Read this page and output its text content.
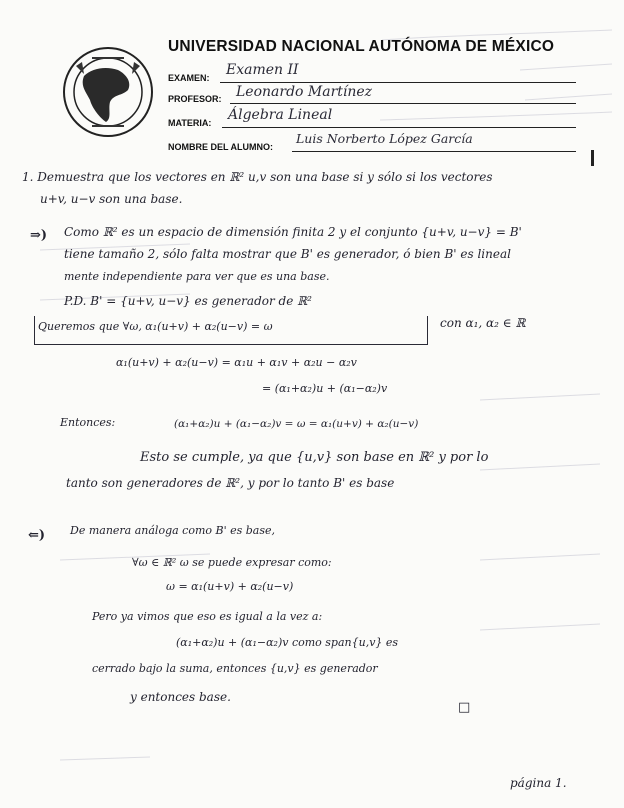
UNIVERSIDAD NACIONAL AUTÓNOMA DE MÉXICO
EXAMEN: Examen II
PROFESOR: Leonardo Martínez
MATERIA: Álgebra Lineal
NOMBRE DEL ALUMNO:
Luis Norberto López García
1. Demuestra que los vectores en ℝ² u,v son una base si y sólo si los vectores
u+v, u−v son una base.
⇒) Como ℝ² es un espacio de dimensión finita 2 y el conjunto {u+v, u−v} = B'
tiene tamaño 2, sólo falta mostrar que B' es generador, ó bien B' es lineal
mente independiente para ver que es una base.
P.D. B' = {u+v, u−v} es generador de ℝ²
Queremos que ∀ω, α₁(u+v) + α₂(u−v) = ω	con α₁, α₂ ∈ ℝ
α₁(u+v) + α₂(u−v) = α₁u + α₁v + α₂u − α₂v
= (α₁+α₂)u + (α₁−α₂)v
Entonces:	(α₁+α₂)u + (α₁−α₂)v = ω = α₁(u+v) + α₂(u−v)
Esto se cumple, ya que {u,v} son base en ℝ² y por lo
tanto son generadores de ℝ², y por lo tanto B' es base
⇐) De manera análoga como B' es base,
∀ω ∈ ℝ² ω se puede expresar como:
ω = α₁(u+v) + α₂(u−v)
Pero ya vimos que eso es igual a la vez a:
(α₁+α₂)u + (α₁−α₂)v como span{u,v} es
cerrado bajo la suma, entonces {u,v} es generador
y entonces base.
□
página 1.
